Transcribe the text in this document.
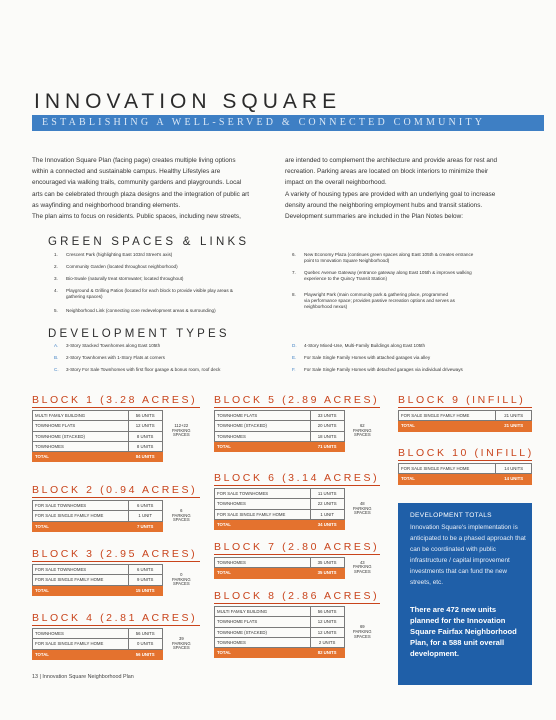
INNOVATION SQUARE
ESTABLISHING A WELL-SERVED & CONNECTED COMMUNITY
The Innovation Square Plan (facing page) creates multiple living options
within a connected and sustainable campus. Healthy Lifestyles are
encouraged via walking trails, community gardens and playgrounds. Local
arts can be celebrated through plaza designs and the integration of public art
as wayfinding and neighborhood branding elements.
The plan aims to focus on residents. Public spaces, including new streets,
are intended to complement the architecture and provide areas for rest and
recreation. Parking areas are located on block interiors to minimize their
impact on the overall neighborhood.
A variety of housing types are provided with an underlying goal to increase
density around the neighboring employment hubs and transit stations.
Development summaries are included in the Plan Notes below:
GREEN SPACES & LINKS
1. Crescent Park (highlighting East 103rd Street's axis)
2. Community Garden (located throughout neighborhood)
3. Bio-Swale (naturally treat stormwater; located throughout)
4. Playground & Grilling Patios (located for each block to provide visible play areas &
gathering spaces)
5. Neighborhood Link (connecting core redevelopment areas & surrounding)
6. New Economy Plaza (continues green spaces along East 105th & creates entrance
point to Innovation Square Neighborhood)
7. Quebec Avenue Gateway (entrance gateway along East 105th & improves walking
experience to the Quincy Transit Station)
8. Playwright Park (main community park & gathering place, programmed
via performance space; provides passive recreation options and serves as
neighborhood nexus)
DEVELOPMENT TYPES
A. 3-Story Stacked Townhomes along East 105th
B. 2-Story Townhomes with 1-Story Flats at corners
C. 3-Story For Sale Townhomes with first floor garage & bonus room, roof deck
D. 4-Story Mixed-Use, Multi-Family Buildings along East 105th
E. For Sale Single Family Homes with attached garages via alley
F. For Sale Single Family Homes with detached garages via individual driveways
BLOCK 1 (3.28 ACRES)
MULTI FAMILY BUILDING	56 UNITS	112+22
PARKING
SPACES

TOWNHOME FLATS	12 UNITS	
TOWNHOME (STACKED)	8 UNITS	
TOWNHOMES	8 UNITS	
TOTAL	84 UNITS	
BLOCK 2 (0.94 ACRES)
FOR SALE TOWNHOMES	6 UNITS	6
PARKING
SPACES

FOR SALE SINGLE FAMILY HOME	1 UNIT	
TOTAL	7 UNITS	
BLOCK 3 (2.95 ACRES)
FOR SALE TOWNHOMES	6 UNITS	0
PARKING
SPACES

FOR SALE SINGLE FAMILY HOME	9 UNITS	
TOTAL	15 UNITS	
BLOCK 4 (2.81 ACRES)
TOWNHOMES	56 UNITS	39
PARKING
SPACES

FOR SALE SINGLE FAMILY HOME	0 UNITS	
TOTAL	56 UNITS	
BLOCK 5 (2.89 ACRES)
TOWNHOME FLATS	33 UNITS	62
PARKING
SPACES

TOWNHOME (STACKED)	20 UNITS	
TOWNHOMES	18 UNITS	
TOTAL	71 UNITS	
BLOCK 6 (3.14 ACRES)
FOR SALE TOWNHOMES	11 UNITS	48
PARKING
SPACES

TOWNHOMES	22 UNITS	
FOR SALE SINGLE FAMILY HOME	1 UNIT	
TOTAL	34 UNITS	
BLOCK 7 (2.80 ACRES)
TOWNHOMES	35 UNITS	43
PARKING
SPACES

TOTAL	35 UNITS	
BLOCK 8 (2.86 ACRES)
MULTI FAMILY BUILDING	56 UNITS	69
PARKING
SPACES

TOWNHOME FLATS	12 UNITS	
TOWNHOME (STACKED)	12 UNITS	
TOWNHOMES	2 UNITS	
TOTAL	82 UNITS	
BLOCK 9 (INFILL)
FOR SALE SINGLE FAMILY HOME	21 UNITS
TOTAL	21 UNITS
BLOCK 10 (INFILL)
FOR SALE SINGLE FAMILY HOME	14 UNITS
TOTAL	14 UNITS
DEVELOPMENT TOTALS
Innovation Square's implementation is anticipated to be a phased approach that can be coordinated with public infrastructure / capital improvement investments that can fund the new streets, etc.
There are 472 new units planned for the Innovation Square Fairfax Neighborhood Plan, for a 588 unit overall development.
13 | Innovation Square Neighborhood Plan
